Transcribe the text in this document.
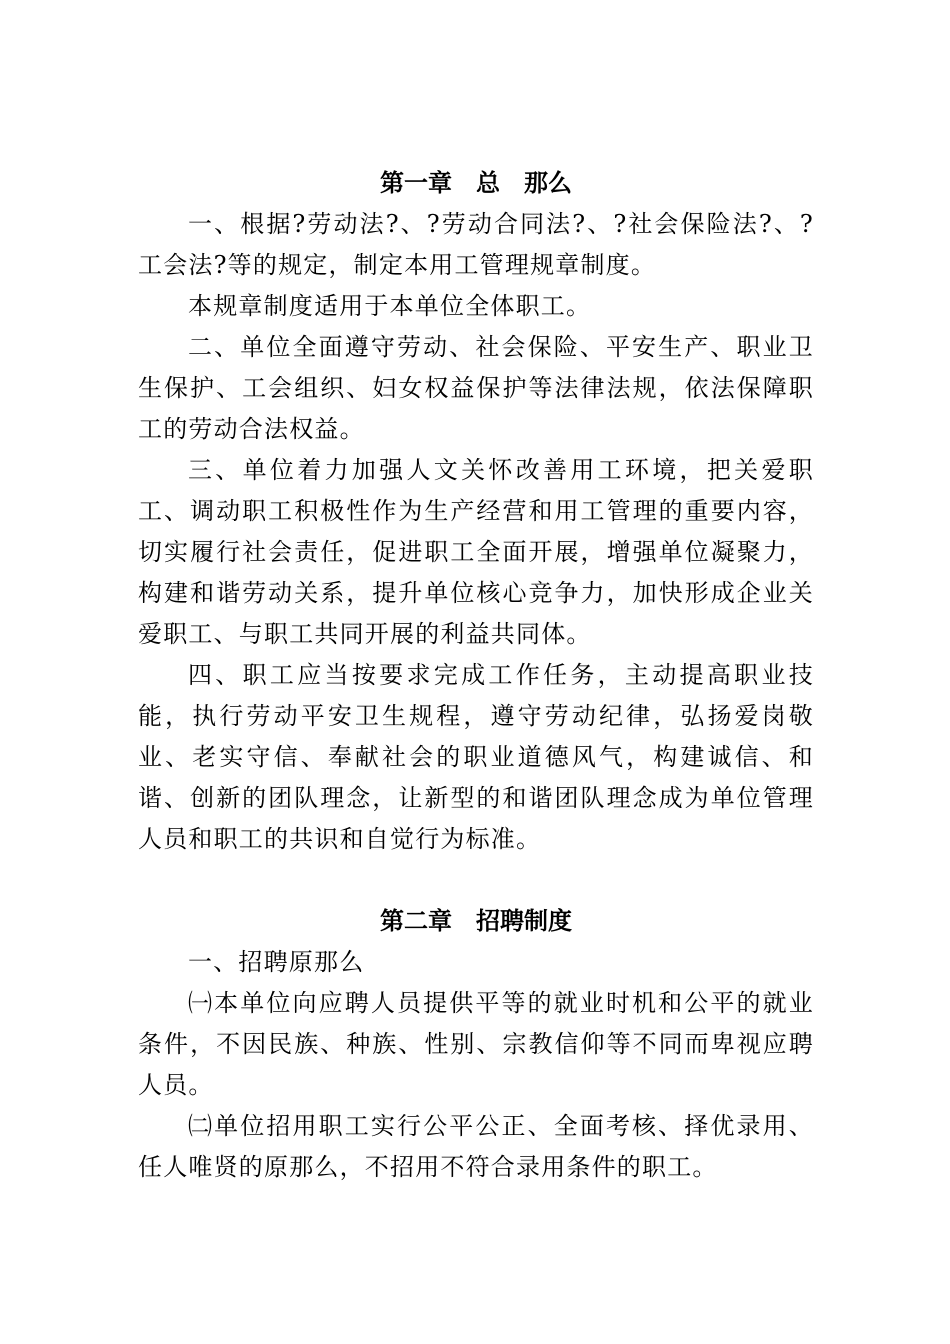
第一章　总　那么

一、根据?劳动法?、?劳动合同法?、?社会保险法?、?工会法?等的规定，制定本用工管理规章制度。

本规章制度适用于本单位全体职工。

二、单位全面遵守劳动、社会保险、平安生产、职业卫生保护、工会组织、妇女权益保护等法律法规，依法保障职工的劳动合法权益。

三、单位着力加强人文关怀改善用工环境，把关爱职工、调动职工积极性作为生产经营和用工管理的重要内容，切实履行社会责任，促进职工全面开展，增强单位凝聚力，构建和谐劳动关系，提升单位核心竞争力，加快形成企业关爱职工、与职工共同开展的利益共同体。

四、职工应当按要求完成工作任务，主动提高职业技能，执行劳动平安卫生规程，遵守劳动纪律，弘扬爱岗敬业、老实守信、奉献社会的职业道德风气，构建诚信、和谐、创新的团队理念，让新型的和谐团队理念成为单位管理人员和职工的共识和自觉行为标准。

第二章　招聘制度

一、招聘原那么

㈠本单位向应聘人员提供平等的就业时机和公平的就业条件，不因民族、种族、性别、宗教信仰等不同而卑视应聘人员。

㈡单位招用职工实行公平公正、全面考核、择优录用、任人唯贤的原那么，不招用不符合录用条件的职工。
